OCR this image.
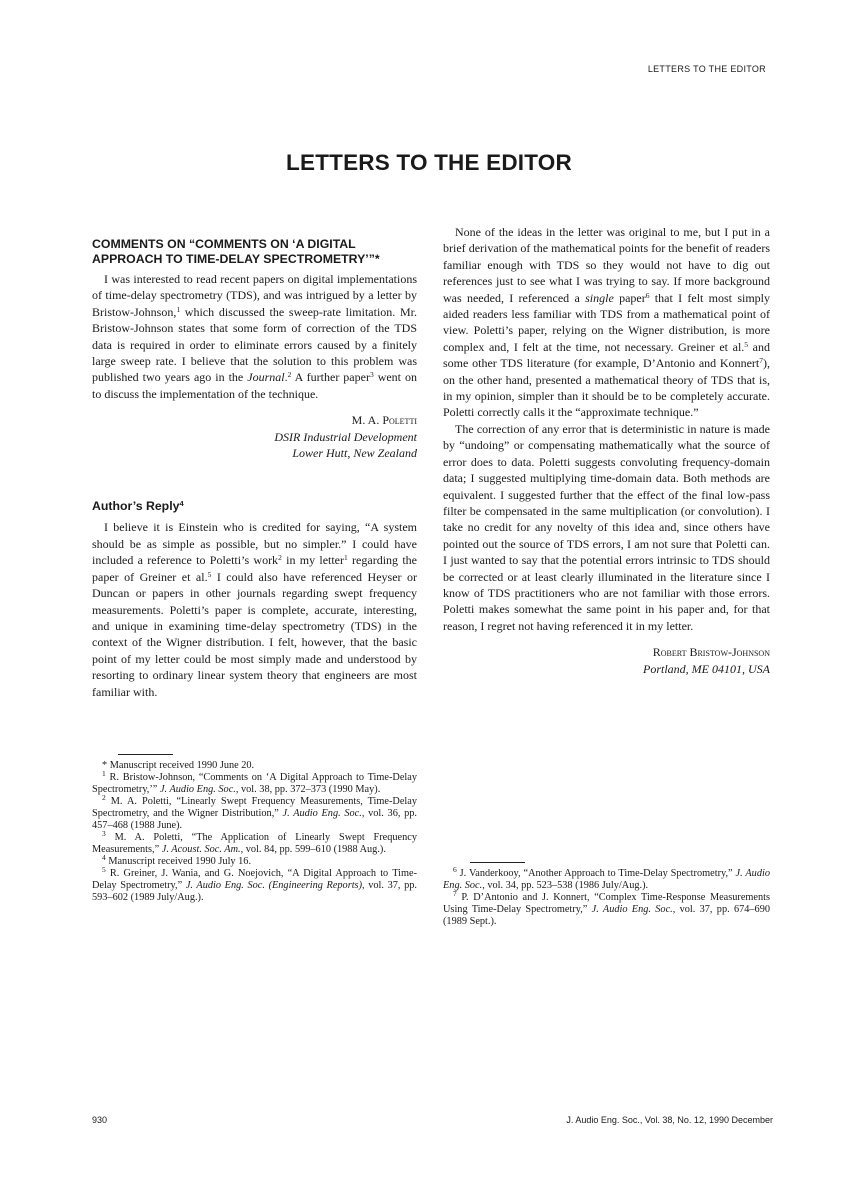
LETTERS TO THE EDITOR
LETTERS TO THE EDITOR
COMMENTS ON “COMMENTS ON ‘A DIGITAL APPROACH TO TIME-DELAY SPECTROMETRY’”*

I was interested to read recent papers on digital implementations of time-delay spectrometry (TDS), and was intrigued by a letter by Bristow-Johnson,$^1$ which discussed the sweep-rate limitation. Mr. Bristow-Johnson states that some form of correction of the TDS data is required in order to eliminate errors caused by a finitely large sweep rate. I believe that the solution to this problem was published two years ago in the Journal.$^2$ A further paper$^3$ went on to discuss the implementation of the technique.

M. A. Poletti

DSIR Industrial Development

Lower Hutt, New Zealand

Author’s Reply$^4$

I believe it is Einstein who is credited for saying, “A system should be as simple as possible, but no simpler.” I could have included a reference to Poletti’s work$^2$ in my letter$^1$ regarding the paper of Greiner et al.$^5$ I could also have referenced Heyser or Duncan or papers in other journals regarding swept frequency measurements. Poletti’s paper is complete, accurate, interesting, and unique in examining time-delay spectrometry (TDS) in the context of the Wigner distribution. I felt, however, that the basic point of my letter could be most simply made and understood by resorting to ordinary linear system theory that engineers are most familiar with.

* Manuscript received 1990 June 20.

$^1$ R. Bristow-Johnson, “Comments on ‘A Digital Approach to Time-Delay Spectrometry,’” J. Audio Eng. Soc., vol. 38, pp. 372–373 (1990 May).

$^2$ M. A. Poletti, “Linearly Swept Frequency Measurements, Time-Delay Spectrometry, and the Wigner Distribution,” J. Audio Eng. Soc., vol. 36, pp. 457–468 (1988 June).

$^3$ M. A. Poletti, “The Application of Linearly Swept Frequency Measurements,” J. Acoust. Soc. Am., vol. 84, pp. 599–610 (1988 Aug.).

$^4$ Manuscript received 1990 July 16.

$^5$ R. Greiner, J. Wania, and G. Noejovich, “A Digital Approach to Time-Delay Spectrometry,” J. Audio Eng. Soc. (Engineering Reports), vol. 37, pp. 593–602 (1989 July/Aug.).

None of the ideas in the letter was original to me, but I put in a brief derivation of the mathematical points for the benefit of readers familiar enough with TDS so they would not have to dig out references just to see what I was trying to say. If more background was needed, I referenced a single paper$^6$ that I felt most simply aided readers less familiar with TDS from a mathematical point of view. Poletti’s paper, relying on the Wigner distribution, is more complex and, I felt at the time, not necessary. Greiner et al.$^5$ and some other TDS literature (for example, D’Antonio and Konnert$^7$), on the other hand, presented a mathematical theory of TDS that is, in my opinion, simpler than it should be to be completely accurate. Poletti correctly calls it the “approximate technique.”

The correction of any error that is deterministic in nature is made by “undoing” or compensating mathematically what the source of error does to data. Poletti suggests convoluting frequency-domain data; I suggested multiplying time-domain data. Both methods are equivalent. I suggested further that the effect of the final low-pass filter be compensated in the same multiplication (or convolution). I take no credit for any novelty of this idea and, since others have pointed out the source of TDS errors, I am not sure that Poletti can. I just wanted to say that the potential errors intrinsic to TDS should be corrected or at least clearly illuminated in the literature since I know of TDS practitioners who are not familiar with those errors. Poletti makes somewhat the same point in his paper and, for that reason, I regret not having referenced it in my letter.

Robert Bristow-Johnson

Portland, ME 04101, USA

$^6$ J. Vanderkooy, “Another Approach to Time-Delay Spectrometry,” J. Audio Eng. Soc., vol. 34, pp. 523–538 (1986 July/Aug.).

$^7$ P. D’Antonio and J. Konnert, “Complex Time-Response Measurements Using Time-Delay Spectrometry,” J. Audio Eng. Soc., vol. 37, pp. 674–690 (1989 Sept.).

930	J. Audio Eng. Soc., Vol. 38, No. 12, 1990 December
